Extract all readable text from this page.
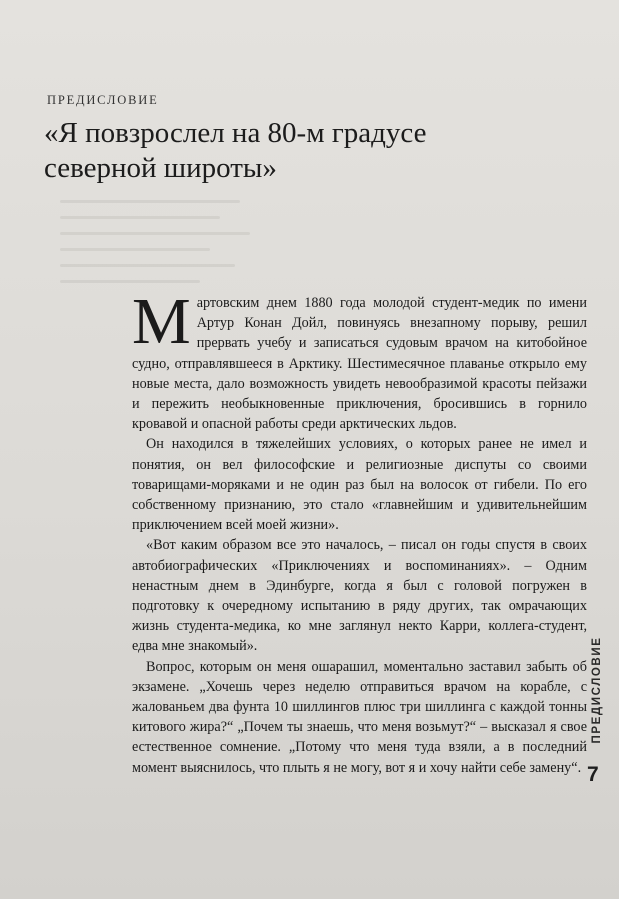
ПРЕДИСЛОВИЕ
«Я повзрослел на 80-м градусе северной широты»

Мартовским днем 1880 года молодой студент-медик по имени Артур Конан Дойл, повинуясь внезапному порыву, решил прервать учебу и записаться судовым врачом на китобойное судно, отправлявшееся в Арктику. Шестимесячное плаванье открыло ему новые места, дало возможность увидеть невообразимой красоты пейзажи и пережить необыкновенные приключения, бросившись в горнило кровавой и опасной работы среди арктических льдов.

Он находился в тяжелейших условиях, о которых ранее не имел и понятия, он вел философские и религиозные диспуты со своими товарищами-моряками и не один раз был на волосок от гибели. По его собственному признанию, это стало «главнейшим и удивительнейшим приключением всей моей жизни».

«Вот каким образом все это началось, – писал он годы спустя в своих автобиографических «Приключениях и воспоминаниях». – Одним ненастным днем в Эдинбурге, когда я был с головой погружен в подготовку к очередному испытанию в ряду других, так омрачающих жизнь студента-медика, ко мне заглянул некто Карри, коллега-студент, едва мне знакомый».

Вопрос, которым он меня ошарашил, моментально заставил забыть об экзамене. „Хочешь через неделю отправиться врачом на корабле, с жалованьем два фунта 10 шиллингов плюс три шиллинга с каждой тонны китового жира?“ „Почем ты знаешь, что меня возьмут?“ – высказал я свое естественное сомнение. „Потому что меня туда взяли, а в последний момент выяснилось, что плыть я не могу, вот я и хочу найти себе замену“.

ПРЕДИСЛОВИЕ
7
